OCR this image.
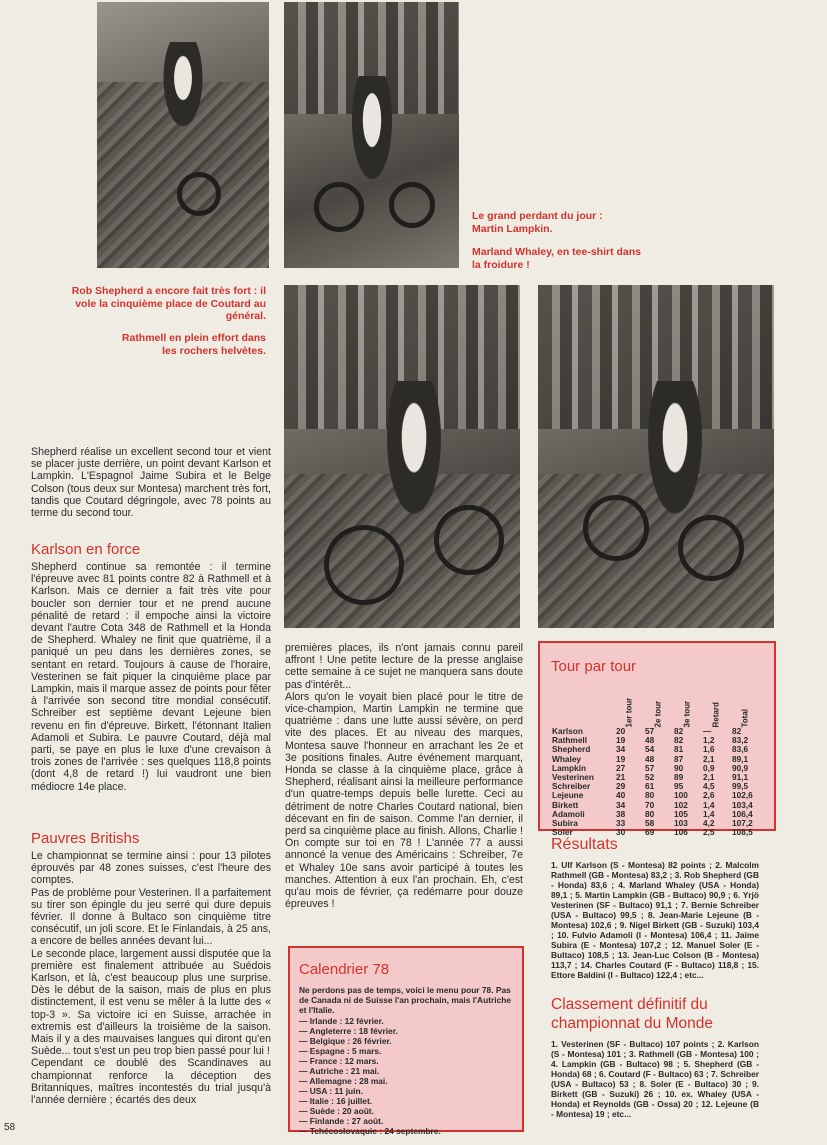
Le grand perdant du jour : Martin Lampkin.
Marland Whaley, en tee-shirt dans la froidure !
Rob Shepherd a encore fait très fort : il vole la cinquième place de Coutard au général.
Rathmell en plein effort dans les rochers helvètes.
Shepherd réalise un excellent second tour et vient se placer juste derrière, un point devant Karlson et Lampkin. L'Espagnol Jaime Subira et le Belge Colson (tous deux sur Montesa) marchent très fort, tandis que Coutard dégringole, avec 78 points au terme du second tour.
Karlson en force
Shepherd continue sa remontée : il termine l'épreuve avec 81 points contre 82 à Rathmell et à Karlson. Mais ce dernier a fait très vite pour boucler son dernier tour et ne prend aucune pénalité de retard : il empoche ainsi la victoire devant l'autre Cota 348 de Rathmell et la Honda de Shepherd. Whaley ne finit que quatrième, il a paniqué un peu dans les dernières zones, se sentant en retard. Toujours à cause de l'horaire, Vesterinen se fait piquer la cinquième place par Lampkin, mais il marque assez de points pour fêter à l'arrivée son second titre mondial consécutif. Schreiber est septième devant Lejeune bien revenu en fin d'épreuve. Birkett, l'étonnant Italien Adamoli et Subira. Le pauvre Coutard, déjà mal parti, se paye en plus le luxe d'une crevaison à trois zones de l'arrivée : ses quelques 118,8 points (dont 4,8 de retard !) lui vaudront une bien médiocre 14e place.
Pauvres Britishs
Le championnat se termine ainsi : pour 13 pilotes éprouvés par 48 zones suisses, c'est l'heure des comptes.
Pas de problème pour Vesterinen. Il a parfaitement su tirer son épingle du jeu serré qui dure depuis février. Il donne à Bultaco son cinquième titre consécutif, un joli score. Et le Finlandais, à 25 ans, a encore de belles années devant lui...
Le seconde place, largement aussi disputée que la première est finalement attribuée au Suédois Karlson, et là, c'est beaucoup plus une surprise. Dès le début de la saison, mais de plus en plus distinctement, il est venu se mêler à la lutte des « top-3 ». Sa victoire ici en Suisse, arrachée in extremis est d'ailleurs la troisième de la saison. Mais il y a des mauvaises langues qui diront qu'en Suède... tout s'est un peu trop bien passé pour lui !
Cependant ce doublé des Scandinaves au championnat renforce la déception des Britanniques, maîtres incontestés du trial jusqu'à l'année dernière ; écartés des deux
58
premières places, ils n'ont jamais connu pareil affront ! Une petite lecture de la presse anglaise cette semaine à ce sujet ne manquera sans doute pas d'intérêt...
Alors qu'on le voyait bien placé pour le titre de vice-champion, Martin Lampkin ne termine que quatrième : dans une lutte aussi sévère, on perd vite des places. Et au niveau des marques, Montesa sauve l'honneur en arrachant les 2e et 3e positions finales. Autre événement marquant, Honda se classe à la cinquième place, grâce à Shepherd, réalisant ainsi la meilleure performance d'un quatre-temps depuis belle lurette. Ceci au détriment de notre Charles Coutard national, bien décevant en fin de saison. Comme l'an dernier, il perd sa cinquième place au finish. Allons, Charlie ! On compte sur toi en 78 ! L'année 77 a aussi annoncé la venue des Américains : Schreiber, 7e et Whaley 10e sans avoir participé à toutes les manches. Attention à eux l'an prochain. Eh, c'est qu'au mois de février, ça redémarre pour douze épreuves !
Calendrier 78
Ne perdons pas de temps, voici le menu pour 78. Pas de Canada ni de Suisse l'an prochain, mais l'Autriche et l'Italie.
— Irlande : 12 février.
— Angleterre : 18 février.
— Belgique : 26 février.
— Espagne : 5 mars.
— France : 12 mars.
— Autriche : 21 mai.
— Allemagne : 28 mai.
— USA : 11 juin.
— Italie : 16 juillet.
— Suède : 20 août.
— Finlande : 27 août.
— Tchécoslovaquie : 24 septembre.
Tour par tour
	1er tour	2e tour	3e tour	Retard	Total
Karlson	20	57	82	—	82
Rathmell	19	48	82	1,2	83,2
Shepherd	34	54	81	1,6	83,6
Whaley	19	48	87	2,1	89,1
Lampkin	27	57	90	0,9	90,9
Vesterinen	21	52	89	2,1	91,1
Schreiber	29	61	95	4,5	99,5
Lejeune	40	80	100	2,6	102,6
Birkett	34	70	102	1,4	103,4
Adamoli	38	80	105	1,4	106,4
Subira	33	58	103	4,2	107,2
Soler	30	69	106	2,5	108,5
Résultats
1. Ulf Karlson (S - Montesa) 82 points ; 2. Malcolm Rathmell (GB - Montesa) 83,2 ; 3. Rob Shepherd (GB - Honda) 83,6 ; 4. Marland Whaley (USA - Honda) 89,1 ; 5. Martin Lampkin (GB - Bultaco) 90,9 ; 6. Yrjö Vesterinen (SF - Bultaco) 91,1 ; 7. Bernie Schreiber (USA - Bultaco) 99,5 ; 8. Jean-Marie Lejeune (B - Montesa) 102,6 ; 9. Nigel Birkett (GB - Suzuki) 103,4 ; 10. Fulvio Adamoli (I - Montesa) 106,4 ; 11. Jaime Subira (E - Montesa) 107,2 ; 12. Manuel Soler (E - Bultaco) 108,5 ; 13. Jean-Luc Colson (B - Montesa) 113,7 ; 14. Charles Coutard (F - Bultaco) 118,8 ; 15. Ettore Baldini (I - Bultaco) 122,4 ; etc...
Classement définitif du championnat du Monde
1. Vesterinen (SF - Bultaco) 107 points ; 2. Karlson (S - Montesa) 101 ; 3. Rathmell (GB - Montesa) 100 ; 4. Lampkin (GB - Bultaco) 98 ; 5. Shepherd (GB - Honda) 68 ; 6. Coutard (F - Bultaco) 63 ; 7. Schreiber (USA - Bultaco) 53 ; 8. Soler (E - Bultaco) 30 ; 9. Birkett (GB - Suzuki) 26 ; 10. ex. Whaley (USA - Honda) et Reynolds (GB - Ossa) 20 ; 12. Lejeune (B - Montesa) 19 ; etc...
